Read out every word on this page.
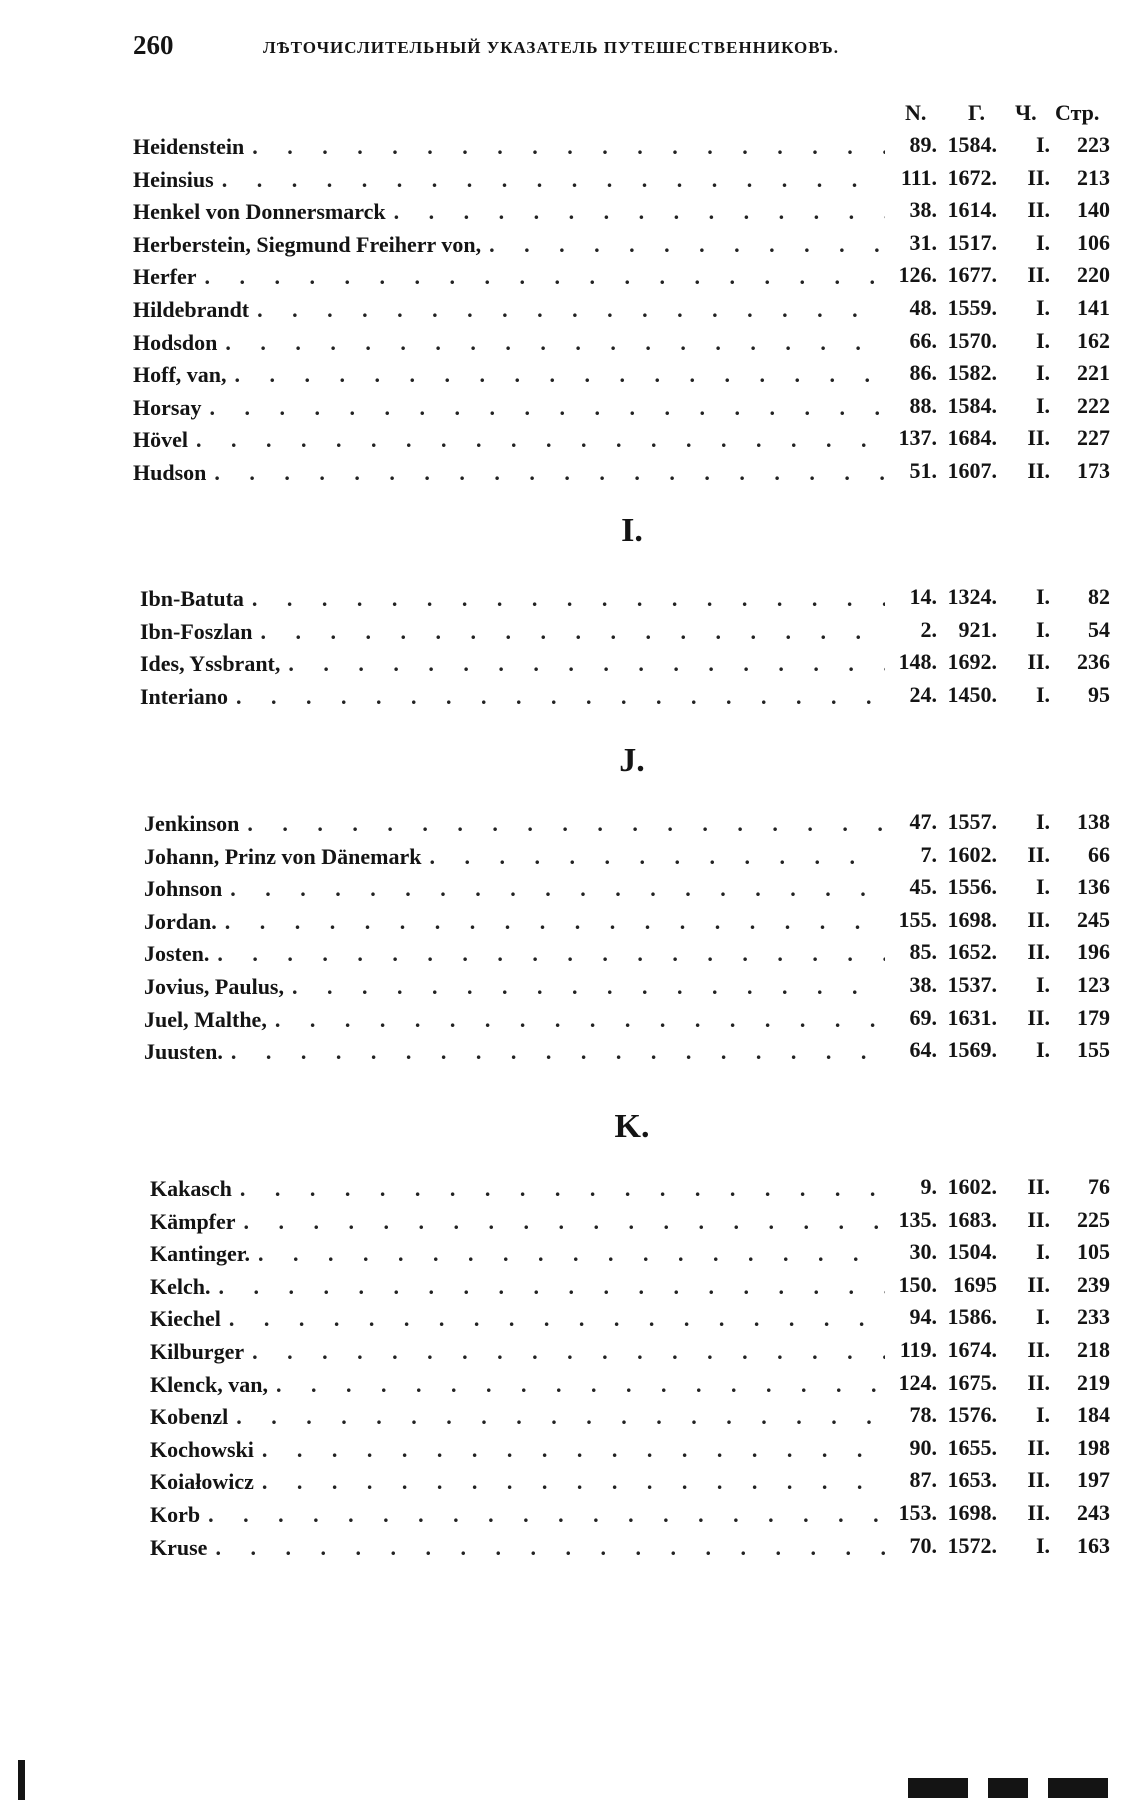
260	ЛѢТОЧИСЛИТЕЛЬНЫЙ УКАЗАТЕЛЬ ПУТЕШЕСТВЕННИКОВЪ.
N. Г. Ч. Стр.
Heidenstein . . .	89. 1584. I. 223
Heinsius . . .	111. 1672. II. 213
Henkel von Donnersmarck . . .	38. 1614. II. 140
Herberstein, Siegmund Freiherr von, . . .	31. 1517. I. 106
Herfer . . .	126. 1677. II. 220
Hildebrandt . . .	48. 1559. I. 141
Hodsdon . . .	66. 1570. I. 162
Hoff, van, . . .	86. 1582. I. 221
Horsay . . .	88. 1584. I. 222
Hövel . . .	137. 1684. II. 227
Hudson . . .	51. 1607. II. 173
I.
Ibn-Batuta . . .	14. 1324. I. 82
Ibn-Foszlan . . .	2. 921. I. 54
Ides, Yssbrant, . . .	148. 1692. II. 236
Interiano . . .	24. 1450. I. 95
J.
Jenkinson . . .	47. 1557. I. 138
Johann, Prinz von Dänemark . . .	7. 1602. II. 66
Johnson . . .	45. 1556. I. 136
Jordan. . . .	155. 1698. II. 245
Josten. . . .	85. 1652. II. 196
Jovius, Paulus, . . .	38. 1537. I. 123
Juel, Malthe, . . .	69. 1631. II. 179
Juusten. . . .	64. 1569. I. 155
K.
Kakasch . . .	9. 1602. II. 76
Kämpfer . . .	135. 1683. II. 225
Kantinger. . . .	30. 1504. I. 105
Kelch. . . .	150. 1695 II. 239
Kiechel . . .	94. 1586. I. 233
Kilburger . . .	119. 1674. II. 218
Klenck, van, . . .	124. 1675. II. 219
Kobenzl . . .	78. 1576. I. 184
Kochowski . . .	90. 1655. II. 198
Koiałowicz . . .	87. 1653. II. 197
Korb . . .	153. 1698. II. 243
Kruse . . .	70. 1572. I. 163
